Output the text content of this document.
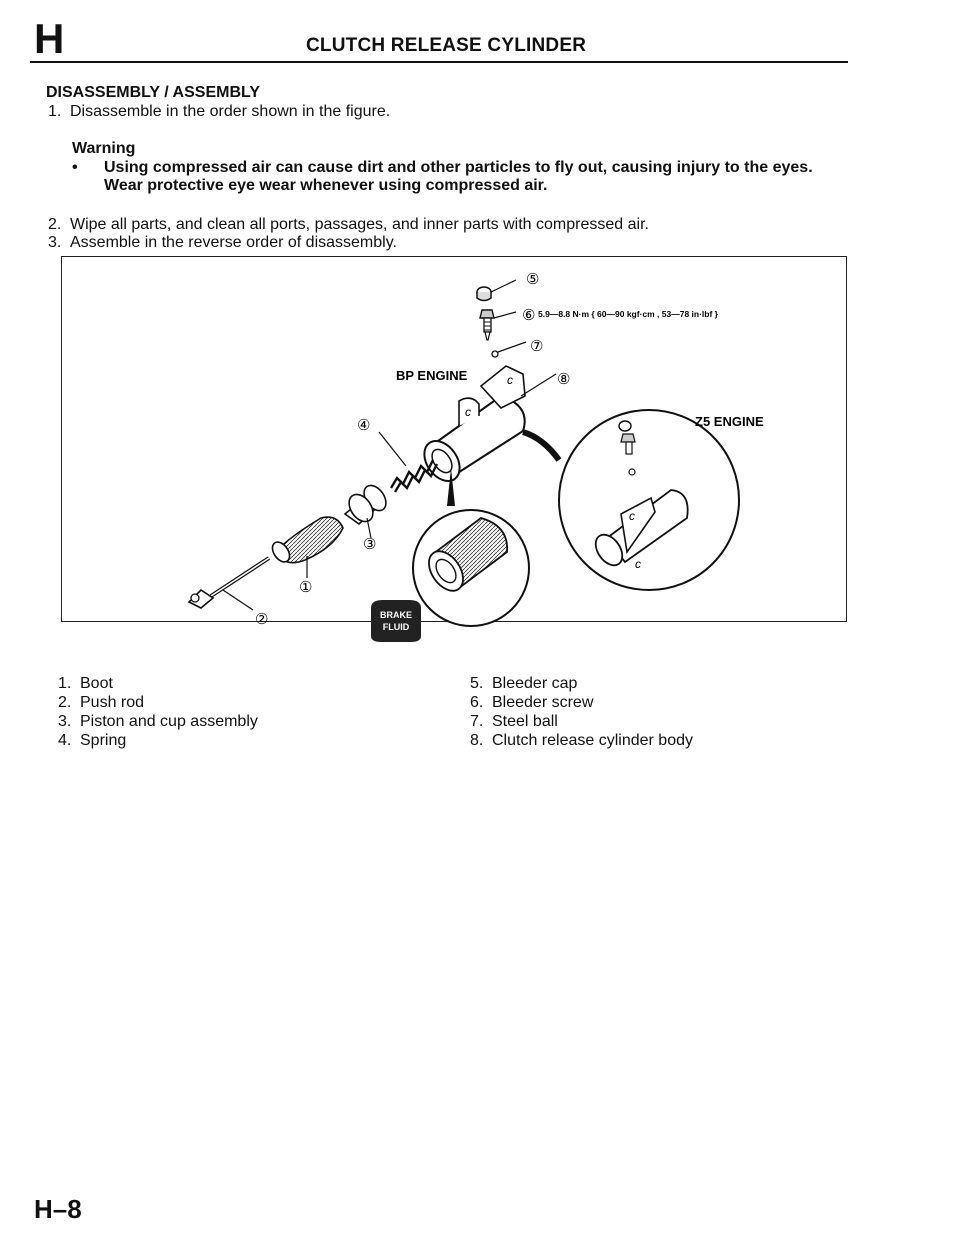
H	CLUTCH RELEASE CYLINDER
DISASSEMBLY / ASSEMBLY
1. Disassemble in the order shown in the figure.
Warning
• Using compressed air can cause dirt and other particles to fly out, causing injury to the eyes.
Wear protective eye wear whenever using compressed air.
2. Wipe all parts, and clean all ports, passages, and inner parts with compressed air.
3. Assemble in the reverse order of disassembly.
⑤
⑥ 5.9—8.8 N·m { 60—90 kgf·cm , 53—78 in·lbf }
⑦
BP ENGINE
c
c	⑧
④
③
①
②	BRAKE
FLUID
c
c
Z5 ENGINE
1. Boot
2. Push rod
3. Piston and cup assembly
4. Spring
5. Bleeder cap
6. Bleeder screw
7. Steel ball
8. Clutch release cylinder body
H–8
